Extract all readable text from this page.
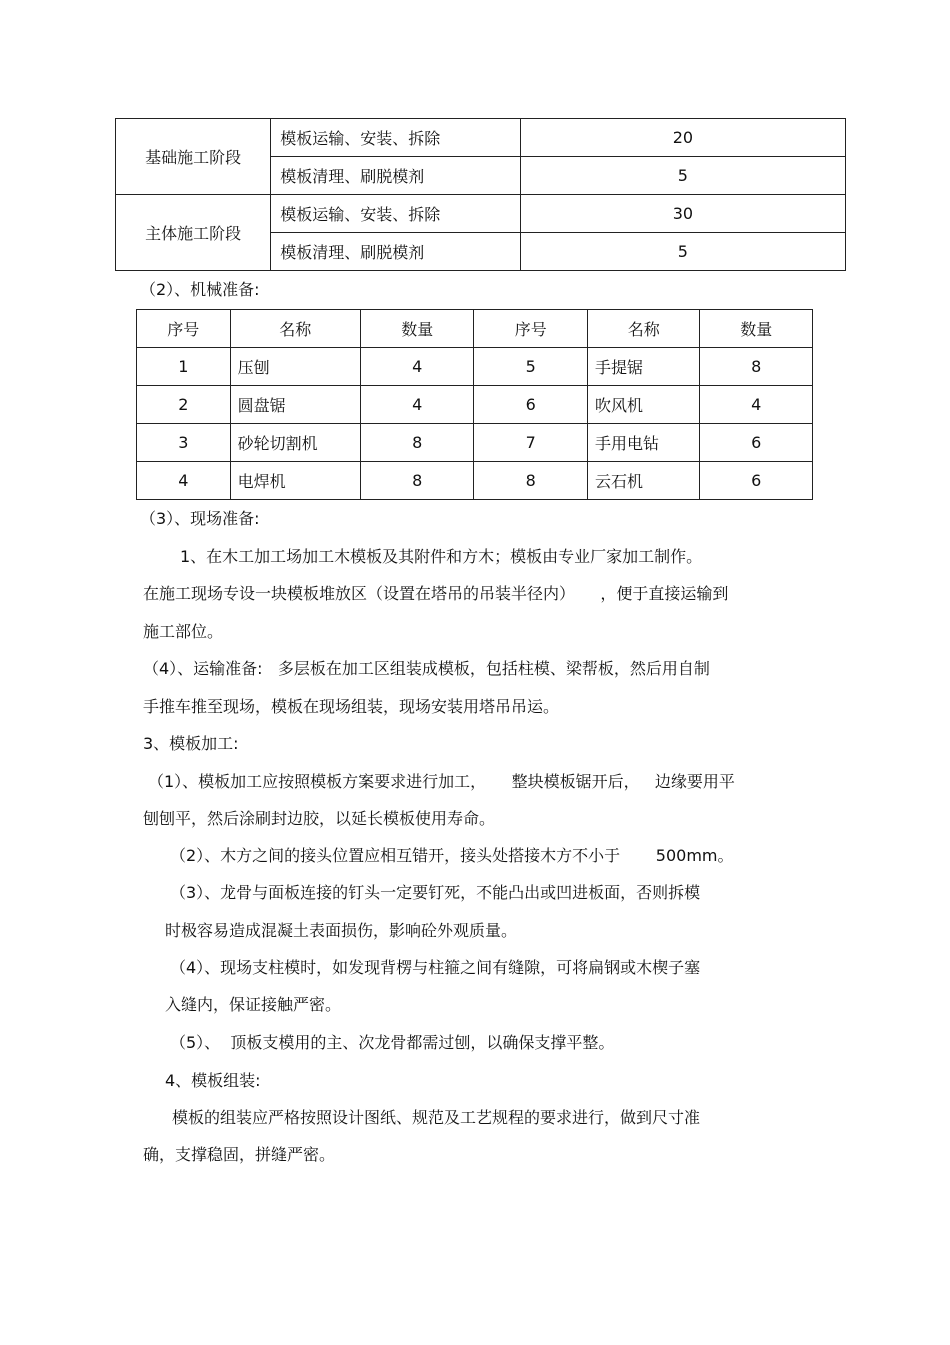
基础施工阶段	模板运输、安装、拆除	20
	模板清理、刷脱模剂	5
主体施工阶段	模板运输、安装、拆除	30
	模板清理、刷脱模剂	5
（2）、机械准备:
序号	名称	数量	序号	名称	数量
1	压刨	4	5	手提锯	8
2	圆盘锯	4	6	吹风机	4
3	砂轮切割机	8	7	手用电钻	6
4	电焊机	8	8	云石机	6
（3）、现场准备:
1、在木工加工场加工木模板及其附件和方木；模板由专业厂家加工制作。
在施工现场专设一块模板堆放区（设置在塔吊的吊装半径内）     ，便于直接运输到
施工部位。
（4）、运输准备:   多层板在加工区组装成模板，包括柱模、梁帮板，然后用自制
手推车推至现场，模板在现场组装，现场安装用塔吊吊运。
3、模板加工:
（1）、模板加工应按照模板方案要求进行加工，     整块模板锯开后，   边缘要用平
刨刨平，然后涂刷封边胶，以延长模板使用寿命。
（2）、木方之间的接头位置应相互错开，接头处搭接木方不小于       500mm。
（3）、龙骨与面板连接的钉头一定要钉死，不能凸出或凹进板面，否则拆模
时极容易造成混凝土表面损伤，影响砼外观质量。
（4）、现场支柱模时，如发现背楞与柱箍之间有缝隙，可将扁钢或木楔子塞
入缝内，保证接触严密。
（5）、  顶板支模用的主、次龙骨都需过刨，以确保支撑平整。
4、模板组装:
模板的组装应严格按照设计图纸、规范及工艺规程的要求进行，做到尺寸准
确，支撑稳固，拼缝严密。
